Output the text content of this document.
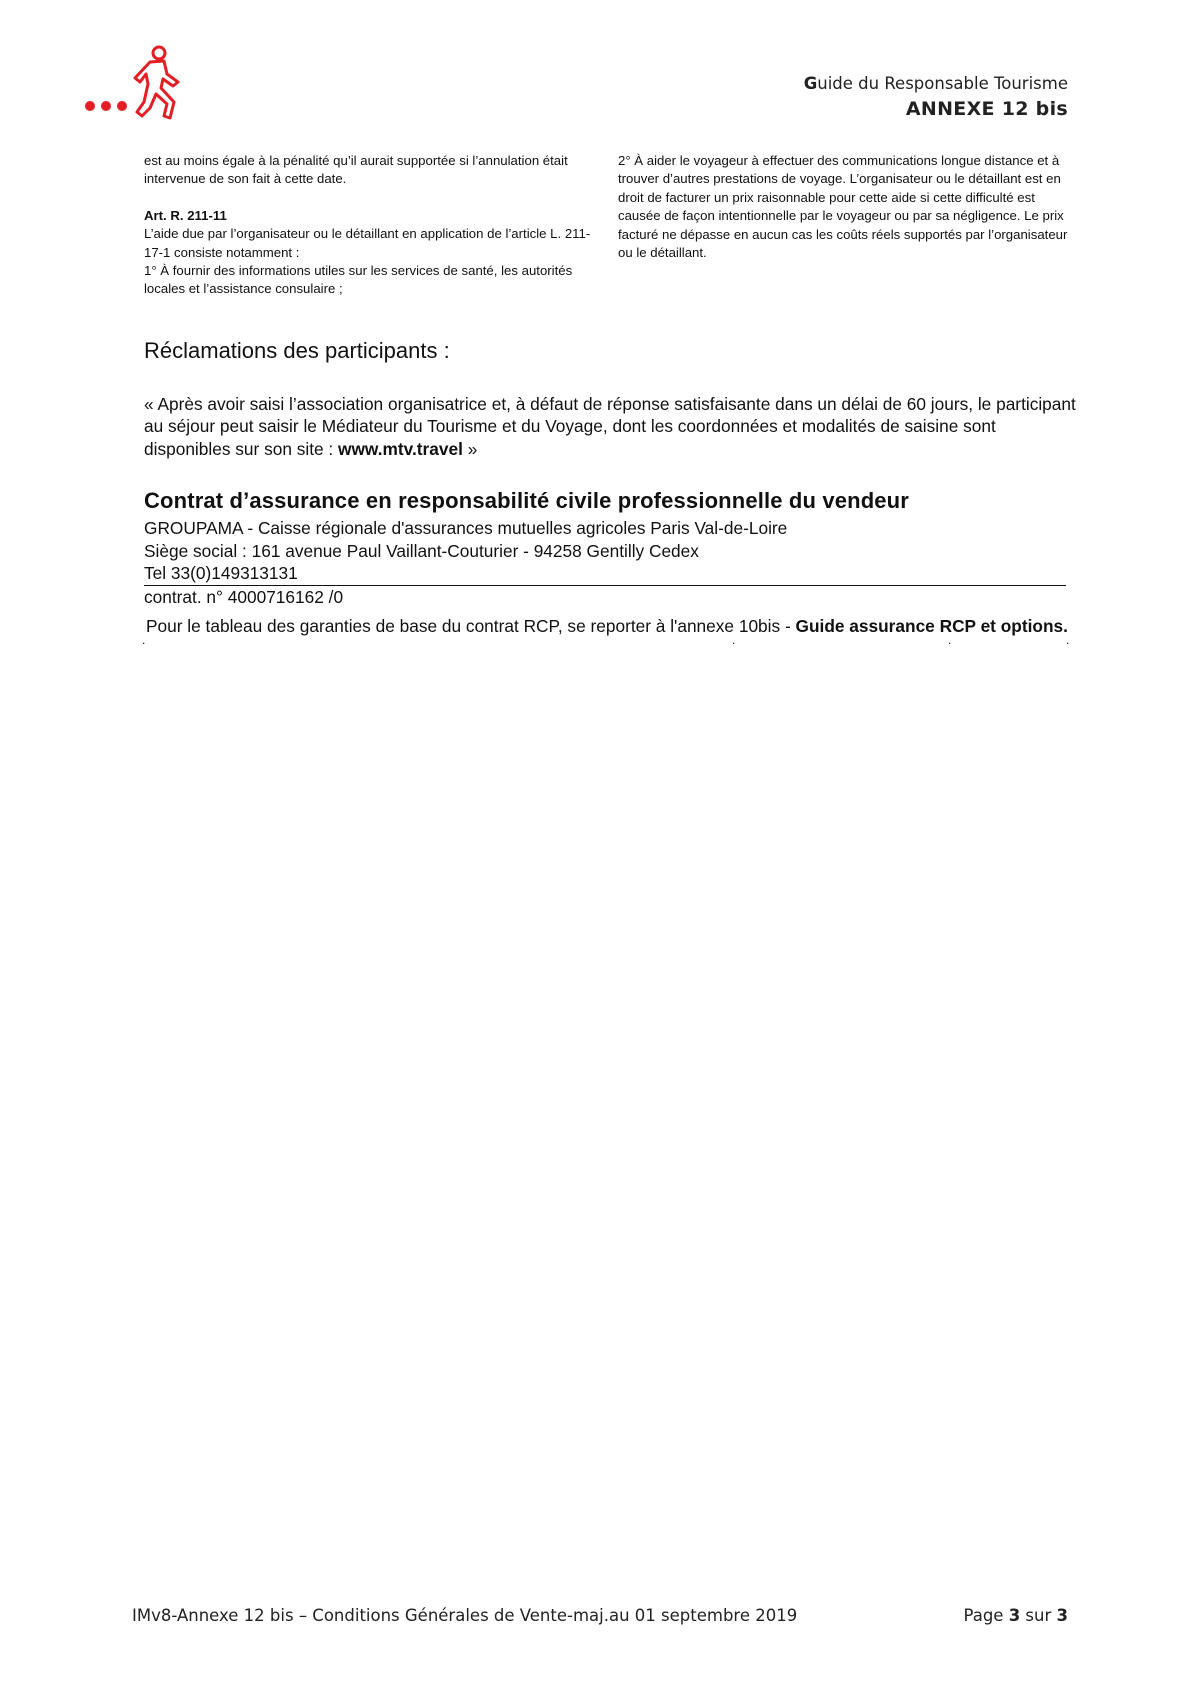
Guide du Responsable Tourisme
ANNEXE 12 bis

est au moins égale à la pénalité qu’il aurait supportée si l’annulation était intervenue de son fait à cette date.

Art. R. 211-11

L’aide due par l’organisateur ou le détaillant en application de l’article L. 211-17-1 consiste notamment :

1° À fournir des informations utiles sur les services de santé, les autorités locales et l’assistance consulaire ;

2° À aider le voyageur à effectuer des communications longue distance et à trouver d’autres prestations de voyage. L’organisateur ou le détaillant est en droit de facturer un prix raisonnable pour cette aide si cette difficulté est causée de façon intentionnelle par le voyageur ou par sa négligence. Le prix facturé ne dépasse en aucun cas les coûts réels supportés par l’organisateur ou le détaillant.

Réclamations des participants :
« Après avoir saisi l’association organisatrice et, à défaut de réponse satisfaisante dans un délai de 60 jours, le participant au séjour peut saisir le Médiateur du Tourisme et du Voyage, dont les coordonnées et modalités de saisine sont disponibles sur son site : www.mtv.travel »
Contrat d’assurance en responsabilité civile professionnelle du vendeur
GROUPAMA - Caisse régionale d'assurances mutuelles agricoles Paris Val-de-Loire
Siège social : 161 avenue Paul Vaillant-Couturier - 94258 Gentilly Cedex
Tel 33(0)149313131
contrat. n° 4000716162 /0
Pour le tableau des garanties de base du contrat RCP, se reporter à l'annexe 10bis - Guide assurance RCP et options.
.	.	.	.
IMv8-Annexe 12 bis – Conditions Générales de Vente-maj.au 01 septembre 2019	Page 3 sur 3
